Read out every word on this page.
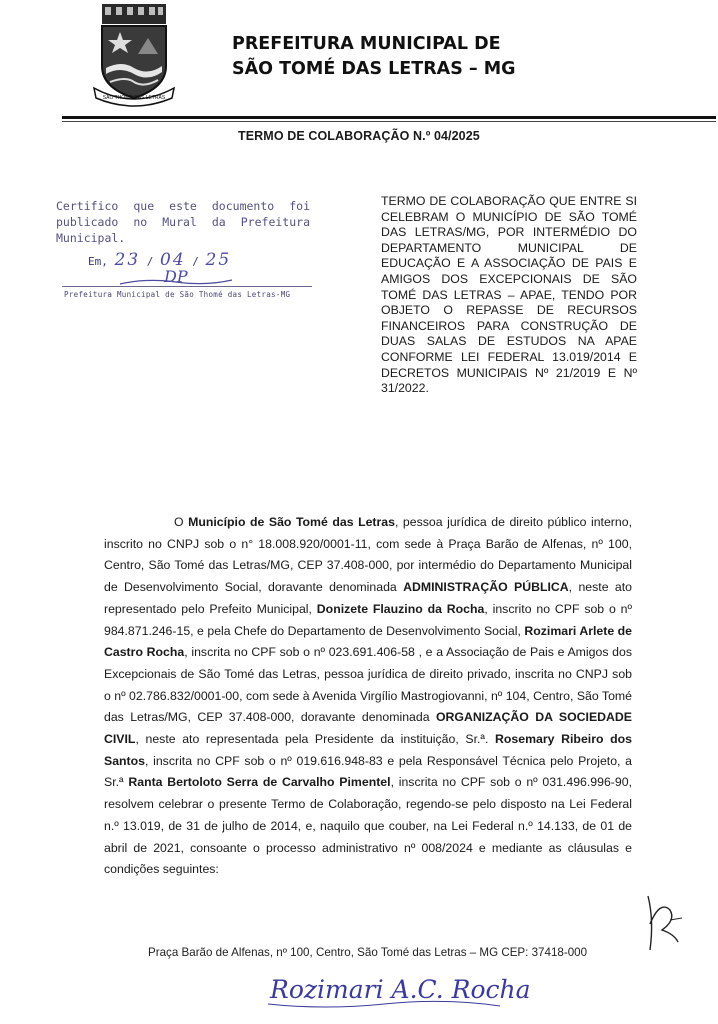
SÃO THOMÉ DAS LETRAS
PREFEITURA MUNICIPAL DE
SÃO TOMÉ DAS LETRAS – MG
TERMO DE COLABORAÇÃO N.º 04/2025
Certifico que este documento foi publicado no Mural da Prefeitura Municipal.
Em, 23 / 04 / 25
DP
Prefeitura Municipal de São Thomé das Letras-MG
TERMO DE COLABORAÇÃO QUE ENTRE SI CELEBRAM O MUNICÍPIO DE SÃO TOMÉ DAS LETRAS/MG, POR INTERMÉDIO DO DEPARTAMENTO MUNICIPAL DE EDUCAÇÃO E A ASSOCIAÇÃO DE PAIS E AMIGOS DOS EXCEPCIONAIS DE SÃO TOMÉ DAS LETRAS – APAE, TENDO POR OBJETO O REPASSE DE RECURSOS FINANCEIROS PARA CONSTRUÇÃO DE DUAS SALAS DE ESTUDOS NA APAE CONFORME LEI FEDERAL 13.019/2014 E DECRETOS MUNICIPAIS Nº 21/2019 E Nº 31/2022.
O Município de São Tomé das Letras, pessoa jurídica de direito público interno, inscrito no CNPJ sob o n° 18.008.920/0001-11, com sede à Praça Barão de Alfenas, nº 100, Centro, São Tomé das Letras/MG, CEP 37.408-000, por intermédio do Departamento Municipal de Desenvolvimento Social, doravante denominada ADMINISTRAÇÃO PÚBLICA, neste ato representado pelo Prefeito Municipal, Donizete Flauzino da Rocha, inscrito no CPF sob o nº 984.871.246-15, e pela Chefe do Departamento de Desenvolvimento Social, Rozimari Arlete de Castro Rocha, inscrita no CPF sob o nº 023.691.406-58 , e a Associação de Pais e Amigos dos Excepcionais de São Tomé das Letras, pessoa jurídica de direito privado, inscrita no CNPJ sob o nº 02.786.832/0001-00, com sede à Avenida Virgílio Mastrogiovanni, nº 104, Centro, São Tomé das Letras/MG, CEP 37.408-000, doravante denominada ORGANIZAÇÃO DA SOCIEDADE CIVIL, neste ato representada pela Presidente da instituição, Sr.ª. Rosemary Ribeiro dos Santos, inscrita no CPF sob o nº 019.616.948-83 e pela Responsável Técnica pelo Projeto, a Sr.ª Ranta Bertoloto Serra de Carvalho Pimentel, inscrita no CPF sob o nº 031.496.996-90, resolvem celebrar o presente Termo de Colaboração, regendo-se pelo disposto na Lei Federal n.º 13.019, de 31 de julho de 2014, e, naquilo que couber, na Lei Federal n.º 14.133, de 01 de abril de 2021, consoante o processo administrativo nº 008/2024 e mediante as cláusulas e condições seguintes:
Praça Barão de Alfenas, nº 100, Centro, São Tomé das Letras – MG CEP: 37418-000
Rozimari A.C. Rocha
